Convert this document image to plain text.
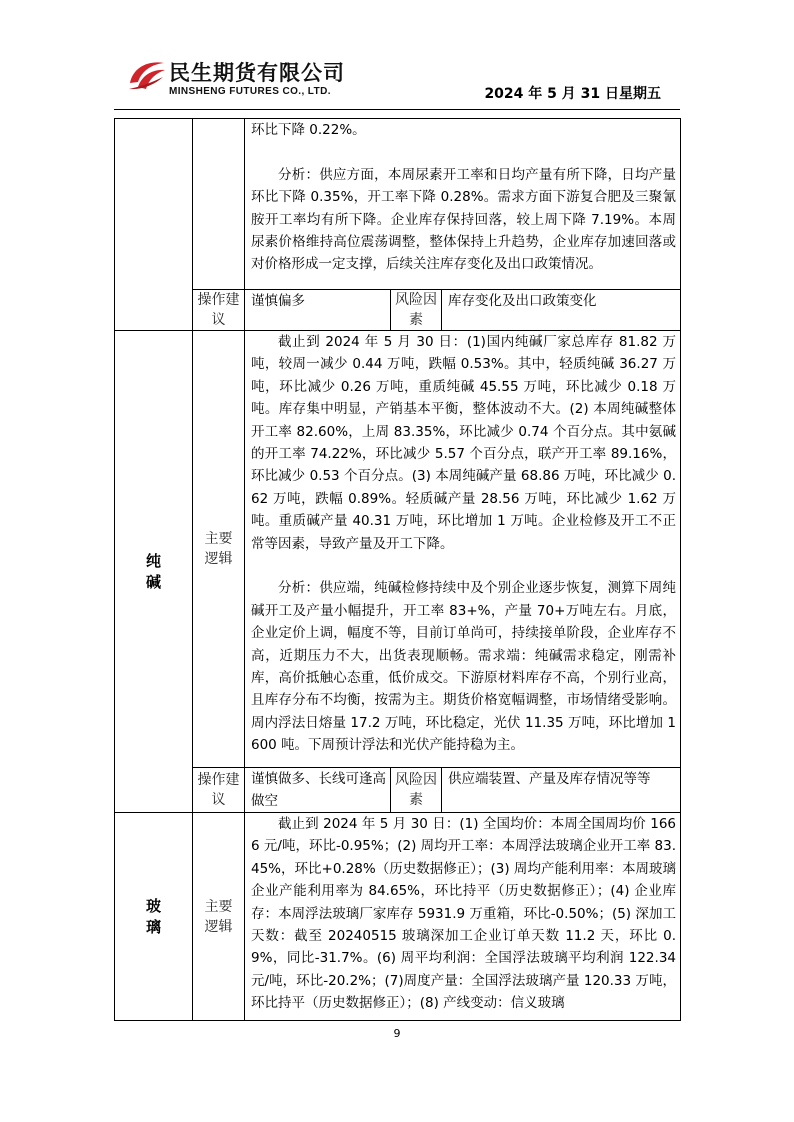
民生期货有限公司
MINSHENG FUTURES CO., LTD.	2024 年 5 月 31 日星期五

		环比下降 0.22%。

分析：供应方面，本周尿素开工率和日均产量有所下降，日均产量环比下降 0.35%，开工率下降 0.28%。需求方面下游复合肥及三聚氰胺开工率均有所下降。企业库存保持回落，较上周下降 7.19%。本周尿素价格维持高位震荡调整，整体保持上升趋势，企业库存加速回落或对价格形成一定支撑，后续关注库存变化及出口政策情况。		

	操作建议	谨慎偏多	风险因素	库存变化及出口政策变化

纯碱	主要逻辑	截止到 2024 年 5 月 30 日：(1)国内纯碱厂家总库存 81.82 万吨，较周一减少 0.44 万吨，跌幅 0.53%。其中，轻质纯碱 36.27 万吨，环比减少 0.26 万吨，重质纯碱 45.55 万吨，环比减少 0.18 万吨。库存集中明显，产销基本平衡，整体波动不大。(2) 本周纯碱整体开工率 82.60%，上周 83.35%，环比减少 0.74 个百分点。其中氨碱的开工率 74.22%，环比减少 5.57 个百分点，联产开工率 89.16%，环比减少 0.53 个百分点。(3) 本周纯碱产量 68.86 万吨，环比减少 0.62 万吨，跌幅 0.89%。轻质碱产量 28.56 万吨，环比减少 1.62 万吨。重质碱产量 40.31 万吨，环比增加 1 万吨。企业检修及开工不正常等因素，导致产量及开工下降。

分析：供应端，纯碱检修持续中及个别企业逐步恢复，测算下周纯碱开工及产量小幅提升，开工率 83+%，产量 70+万吨左右。月底，企业定价上调，幅度不等，目前订单尚可，持续接单阶段，企业库存不高，近期压力不大，出货表现顺畅。需求端：纯碱需求稳定，刚需补库，高价抵触心态重，低价成交。下游原材料库存不高，个别行业高，且库存分布不均衡，按需为主。期货价格宽幅调整，市场情绪受影响。周内浮法日熔量 17.2 万吨，环比稳定，光伏 11.35 万吨，环比增加 1600 吨。下周预计浮法和光伏产能持稳为主。		

	操作建议	谨慎做多、长线可逢高做空	风险因素	供应端装置、产量及库存情况等等

玻璃	主要逻辑	截止到 2024 年 5 月 30 日：(1) 全国均价：本周全国周均价 1666 元/吨，环比-0.95%；(2) 周均开工率：本周浮法玻璃企业开工率 83.45%，环比+0.28%（历史数据修正）；(3) 周均产能利用率：本周玻璃企业产能利用率为 84.65%，环比持平（历史数据修正）；(4) 企业库存：本周浮法玻璃厂家库存 5931.9 万重箱，环比-0.50%；(5) 深加工天数：截至 20240515 玻璃深加工企业订单天数 11.2 天，环比 0.9%，同比-31.7%。(6) 周平均利润：全国浮法玻璃平均利润 122.34 元/吨，环比-20.2%；(7)周度产量：全国浮法玻璃产量 120.33 万吨，环比持平（历史数据修正）；(8) 产线变动：信义玻璃		

9
